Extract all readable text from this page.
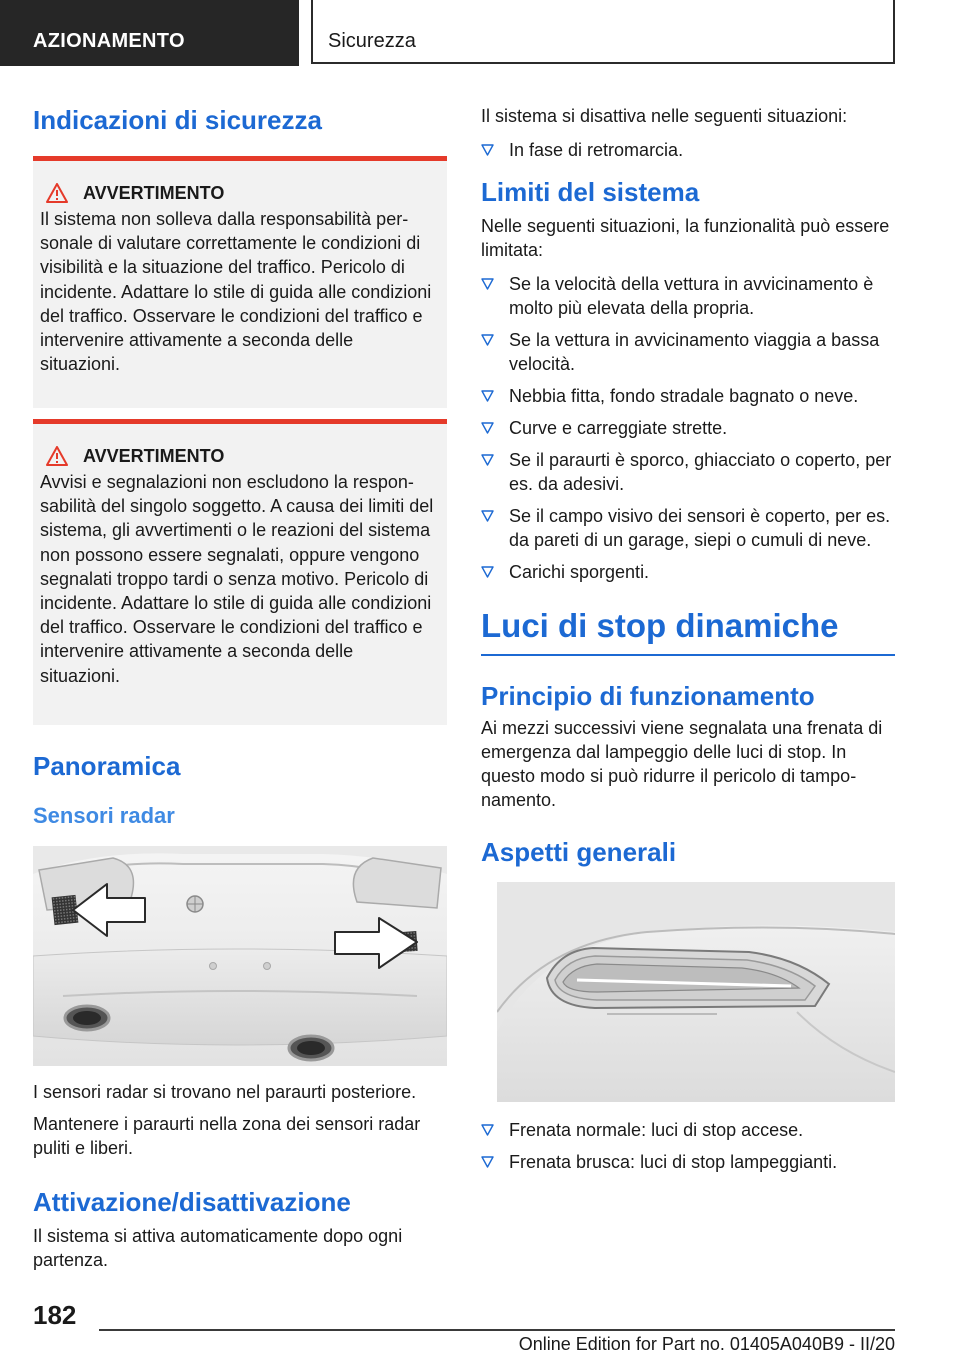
AZIONAMENTO	Sicurezza
Indicazioni di sicurezza
AVVERTIMENTO
Il sistema non solleva dalla responsabilità personale di valutare correttamente le condizioni di visibilità e la situazione del traffico. Pericolo di incidente. Adattare lo stile di guida alle condizioni del traffico. Osservare le condizioni del traffico e intervenire attivamente a seconda delle situazioni.
AVVERTIMENTO
Avvisi e segnalazioni non escludono la responsabilità del singolo soggetto. A causa dei limiti del sistema, gli avvertimenti o le reazioni del sistema non possono essere segnalati, oppure vengono segnalati troppo tardi o senza motivo. Pericolo di incidente. Adattare lo stile di guida alle condizioni del traffico. Osservare le condizioni del traffico e intervenire attivamente a seconda delle situazioni.
Panoramica
Sensori radar
I sensori radar si trovano nel paraurti posteriore.
Mantenere i paraurti nella zona dei sensori radar puliti e liberi.
Attivazione/disattivazione
Il sistema si attiva automaticamente dopo ogni partenza.
Il sistema si disattiva nelle seguenti situazioni:
In fase di retromarcia.
Limiti del sistema
Nelle seguenti situazioni, la funzionalità può essere limitata:
Se la velocità della vettura in avvicinamento è molto più elevata della propria.
Se la vettura in avvicinamento viaggia a bassa velocità.
Nebbia fitta, fondo stradale bagnato o neve.
Curve e carreggiate strette.
Se il paraurti è sporco, ghiacciato o coperto, per es. da adesivi.
Se il campo visivo dei sensori è coperto, per es. da pareti di un garage, siepi o cumuli di neve.
Carichi sporgenti.
Luci di stop dinamiche
Principio di funzionamento
Ai mezzi successivi viene segnalata una frenata di emergenza dal lampeggio delle luci di stop. In questo modo si può ridurre il pericolo di tamponamento.
Aspetti generali
Frenata normale: luci di stop accese.
Frenata brusca: luci di stop lampeggianti.
182
Online Edition for Part no. 01405A040B9 - II/20
